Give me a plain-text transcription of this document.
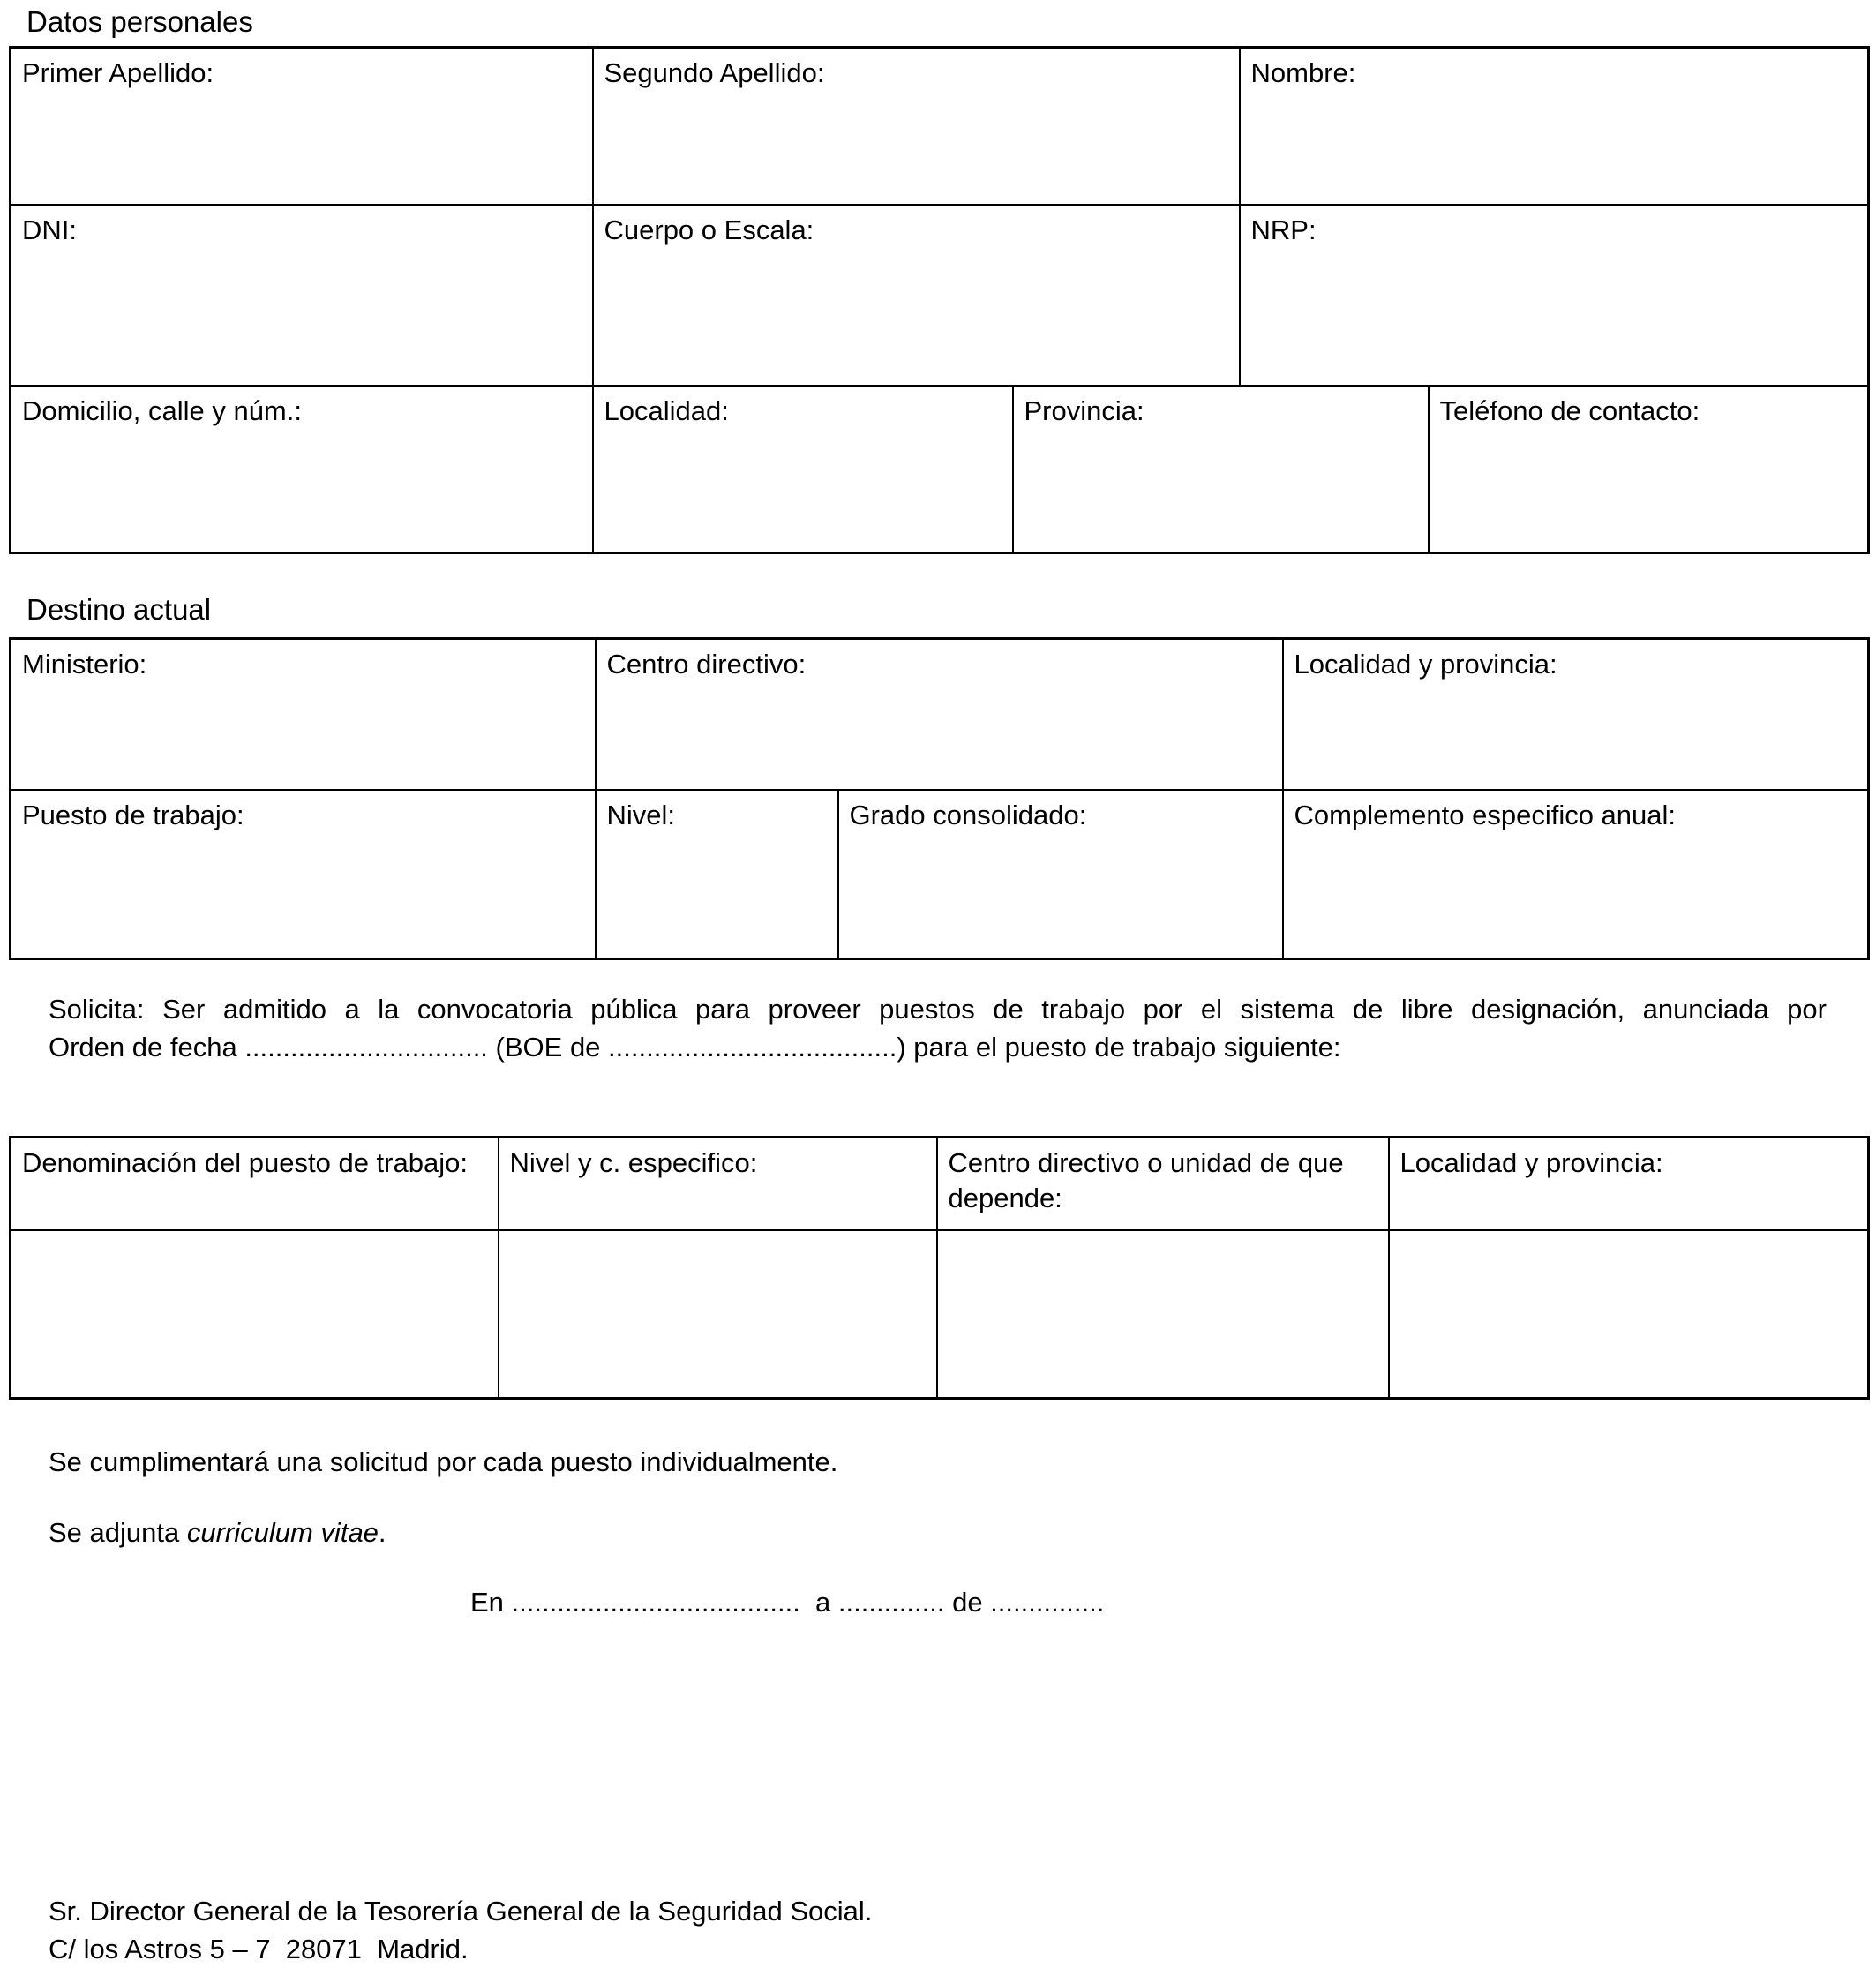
Datos personales
Primer Apellido:	Segundo Apellido:		Nombre:	
DNI:	Cuerpo o Escala:		NRP:	
Domicilio, calle y núm.:	Localidad:	Provincia:		Teléfono de contacto:
Destino actual
Ministerio:	Centro directivo:		Localidad y provincia:
Puesto de trabajo:	Nivel:	Grado consolidado:	Complemento especifico anual:
Solicita: Ser admitido a la convocatoria pública para proveer puestos de trabajo por el sistema de libre designación, anunciada por
Orden de fecha ................................ (BOE de ......................................) para el puesto de trabajo siguiente:
Denominación del puesto de trabajo:	Nivel y c. especifico:	Centro directivo o unidad de que depende:	Localidad y provincia:

Se cumplimentará una solicitud por cada puesto individualmente.
Se adjunta curriculum vitae.
En ......................................  a .............. de ...............
Sr. Director General de la Tesorería General de la Seguridad Social.
C/ los Astros 5 – 7  28071  Madrid.
